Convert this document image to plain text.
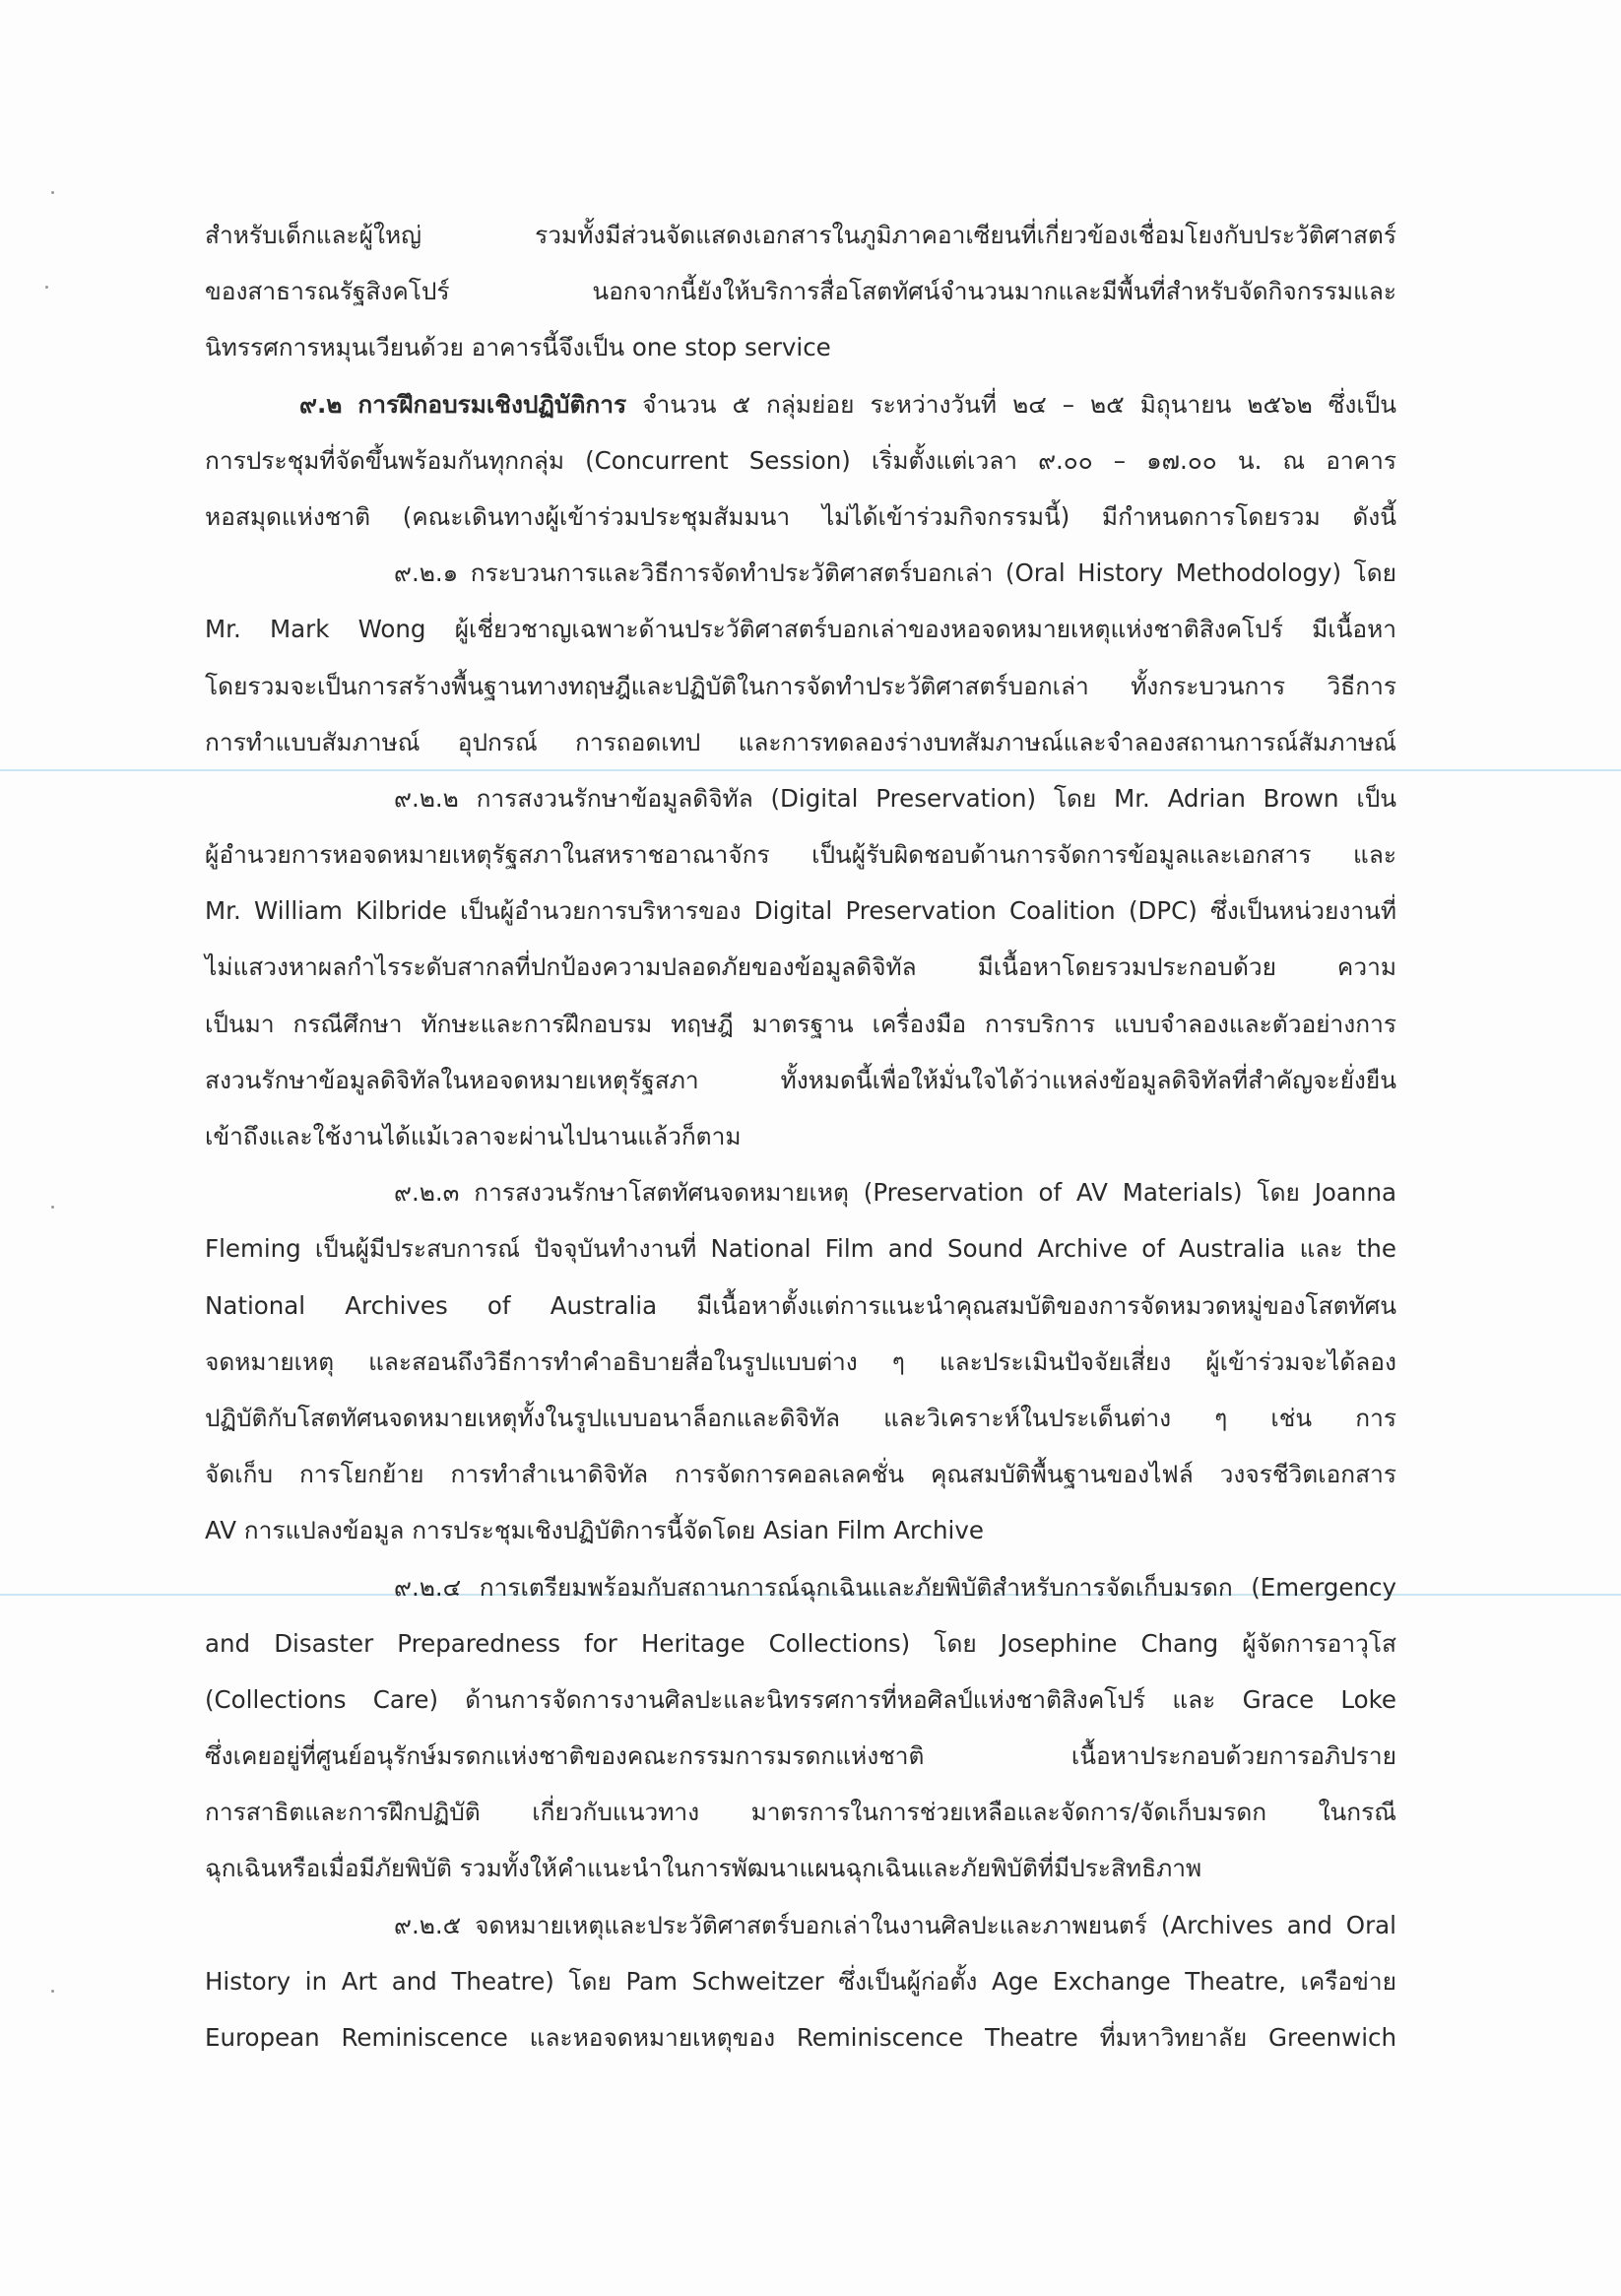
สำหรับเด็กและผู้ใหญ่ รวมทั้งมีส่วนจัดแสดงเอกสารในภูมิภาคอาเซียนที่เกี่ยวข้องเชื่อมโยงกับประวัติศาสตร์
ของสาธารณรัฐสิงคโปร์ นอกจากนี้ยังให้บริการสื่อโสตทัศน์จำนวนมากและมีพื้นที่สำหรับจัดกิจกรรมและ
นิทรรศการหมุนเวียนด้วย อาคารนี้จึงเป็น one stop service
๙.๒ การฝึกอบรมเชิงปฏิบัติการ จำนวน ๕ กลุ่มย่อย ระหว่างวันที่ ๒๔ – ๒๕ มิถุนายน ๒๕๖๒ ซึ่งเป็น
การประชุมที่จัดขึ้นพร้อมกันทุกกลุ่ม (Concurrent Session) เริ่มตั้งแต่เวลา ๙.๐๐ – ๑๗.๐๐ น. ณ อาคาร
หอสมุดแห่งชาติ (คณะเดินทางผู้เข้าร่วมประชุมสัมมนา ไม่ได้เข้าร่วมกิจกรรมนี้) มีกำหนดการโดยรวม ดังนี้
๙.๒.๑ กระบวนการและวิธีการจัดทำประวัติศาสตร์บอกเล่า (Oral History Methodology) โดย
Mr. Mark Wong ผู้เชี่ยวชาญเฉพาะด้านประวัติศาสตร์บอกเล่าของหอจดหมายเหตุแห่งชาติสิงคโปร์ มีเนื้อหา
โดยรวมจะเป็นการสร้างพื้นฐานทางทฤษฎีและปฏิบัติในการจัดทำประวัติศาสตร์บอกเล่า ทั้งกระบวนการ วิธีการ
การทำแบบสัมภาษณ์ อุปกรณ์ การถอดเทป และการทดลองร่างบทสัมภาษณ์และจำลองสถานการณ์สัมภาษณ์
๙.๒.๒ การสงวนรักษาข้อมูลดิจิทัล (Digital Preservation) โดย Mr. Adrian Brown เป็น
ผู้อำนวยการหอจดหมายเหตุรัฐสภาในสหราชอาณาจักร เป็นผู้รับผิดชอบด้านการจัดการข้อมูลและเอกสาร และ
Mr. William Kilbride เป็นผู้อำนวยการบริหารของ Digital Preservation Coalition (DPC) ซึ่งเป็นหน่วยงานที่
ไม่แสวงหาผลกำไรระดับสากลที่ปกป้องความปลอดภัยของข้อมูลดิจิทัล มีเนื้อหาโดยรวมประกอบด้วย ความ
เป็นมา กรณีศึกษา ทักษะและการฝึกอบรม ทฤษฎี มาตรฐาน เครื่องมือ การบริการ แบบจำลองและตัวอย่างการ
สงวนรักษาข้อมูลดิจิทัลในหอจดหมายเหตุรัฐสภา ทั้งหมดนี้เพื่อให้มั่นใจได้ว่าแหล่งข้อมูลดิจิทัลที่สำคัญจะยั่งยืน
เข้าถึงและใช้งานได้แม้เวลาจะผ่านไปนานแล้วก็ตาม
๙.๒.๓ การสงวนรักษาโสตทัศนจดหมายเหตุ (Preservation of AV Materials) โดย Joanna
Fleming เป็นผู้มีประสบการณ์ ปัจจุบันทำงานที่ National Film and Sound Archive of Australia และ the
National Archives of Australia มีเนื้อหาตั้งแต่การแนะนำคุณสมบัติของการจัดหมวดหมู่ของโสตทัศน
จดหมายเหตุ และสอนถึงวิธีการทำคำอธิบายสื่อในรูปแบบต่าง ๆ และประเมินปัจจัยเสี่ยง ผู้เข้าร่วมจะได้ลอง
ปฏิบัติกับโสตทัศนจดหมายเหตุทั้งในรูปแบบอนาล็อกและดิจิทัล และวิเคราะห์ในประเด็นต่าง ๆ เช่น การ
จัดเก็บ การโยกย้าย การทำสำเนาดิจิทัล การจัดการคอลเลคชั่น คุณสมบัติพื้นฐานของไฟล์ วงจรชีวิตเอกสาร
AV การแปลงข้อมูล การประชุมเชิงปฏิบัติการนี้จัดโดย Asian Film Archive
๙.๒.๔ การเตรียมพร้อมกับสถานการณ์ฉุกเฉินและภัยพิบัติสำหรับการจัดเก็บมรดก (Emergency
and Disaster Preparedness for Heritage Collections) โดย Josephine Chang ผู้จัดการอาวุโส
(Collections Care) ด้านการจัดการงานศิลปะและนิทรรศการที่หอศิลป์แห่งชาติสิงคโปร์ และ Grace Loke
ซึ่งเคยอยู่ที่ศูนย์อนุรักษ์มรดกแห่งชาติของคณะกรรมการมรดกแห่งชาติ เนื้อหาประกอบด้วยการอภิปราย
การสาธิตและการฝึกปฏิบัติ เกี่ยวกับแนวทาง มาตรการในการช่วยเหลือและจัดการ/จัดเก็บมรดก ในกรณี
ฉุกเฉินหรือเมื่อมีภัยพิบัติ รวมทั้งให้คำแนะนำในการพัฒนาแผนฉุกเฉินและภัยพิบัติที่มีประสิทธิภาพ
๙.๒.๕ จดหมายเหตุและประวัติศาสตร์บอกเล่าในงานศิลปะและภาพยนตร์ (Archives and Oral
History in Art and Theatre) โดย Pam Schweitzer ซึ่งเป็นผู้ก่อตั้ง Age Exchange Theatre, เครือข่าย
European Reminiscence และหอจดหมายเหตุของ Reminiscence Theatre ที่มหาวิทยาลัย Greenwich
